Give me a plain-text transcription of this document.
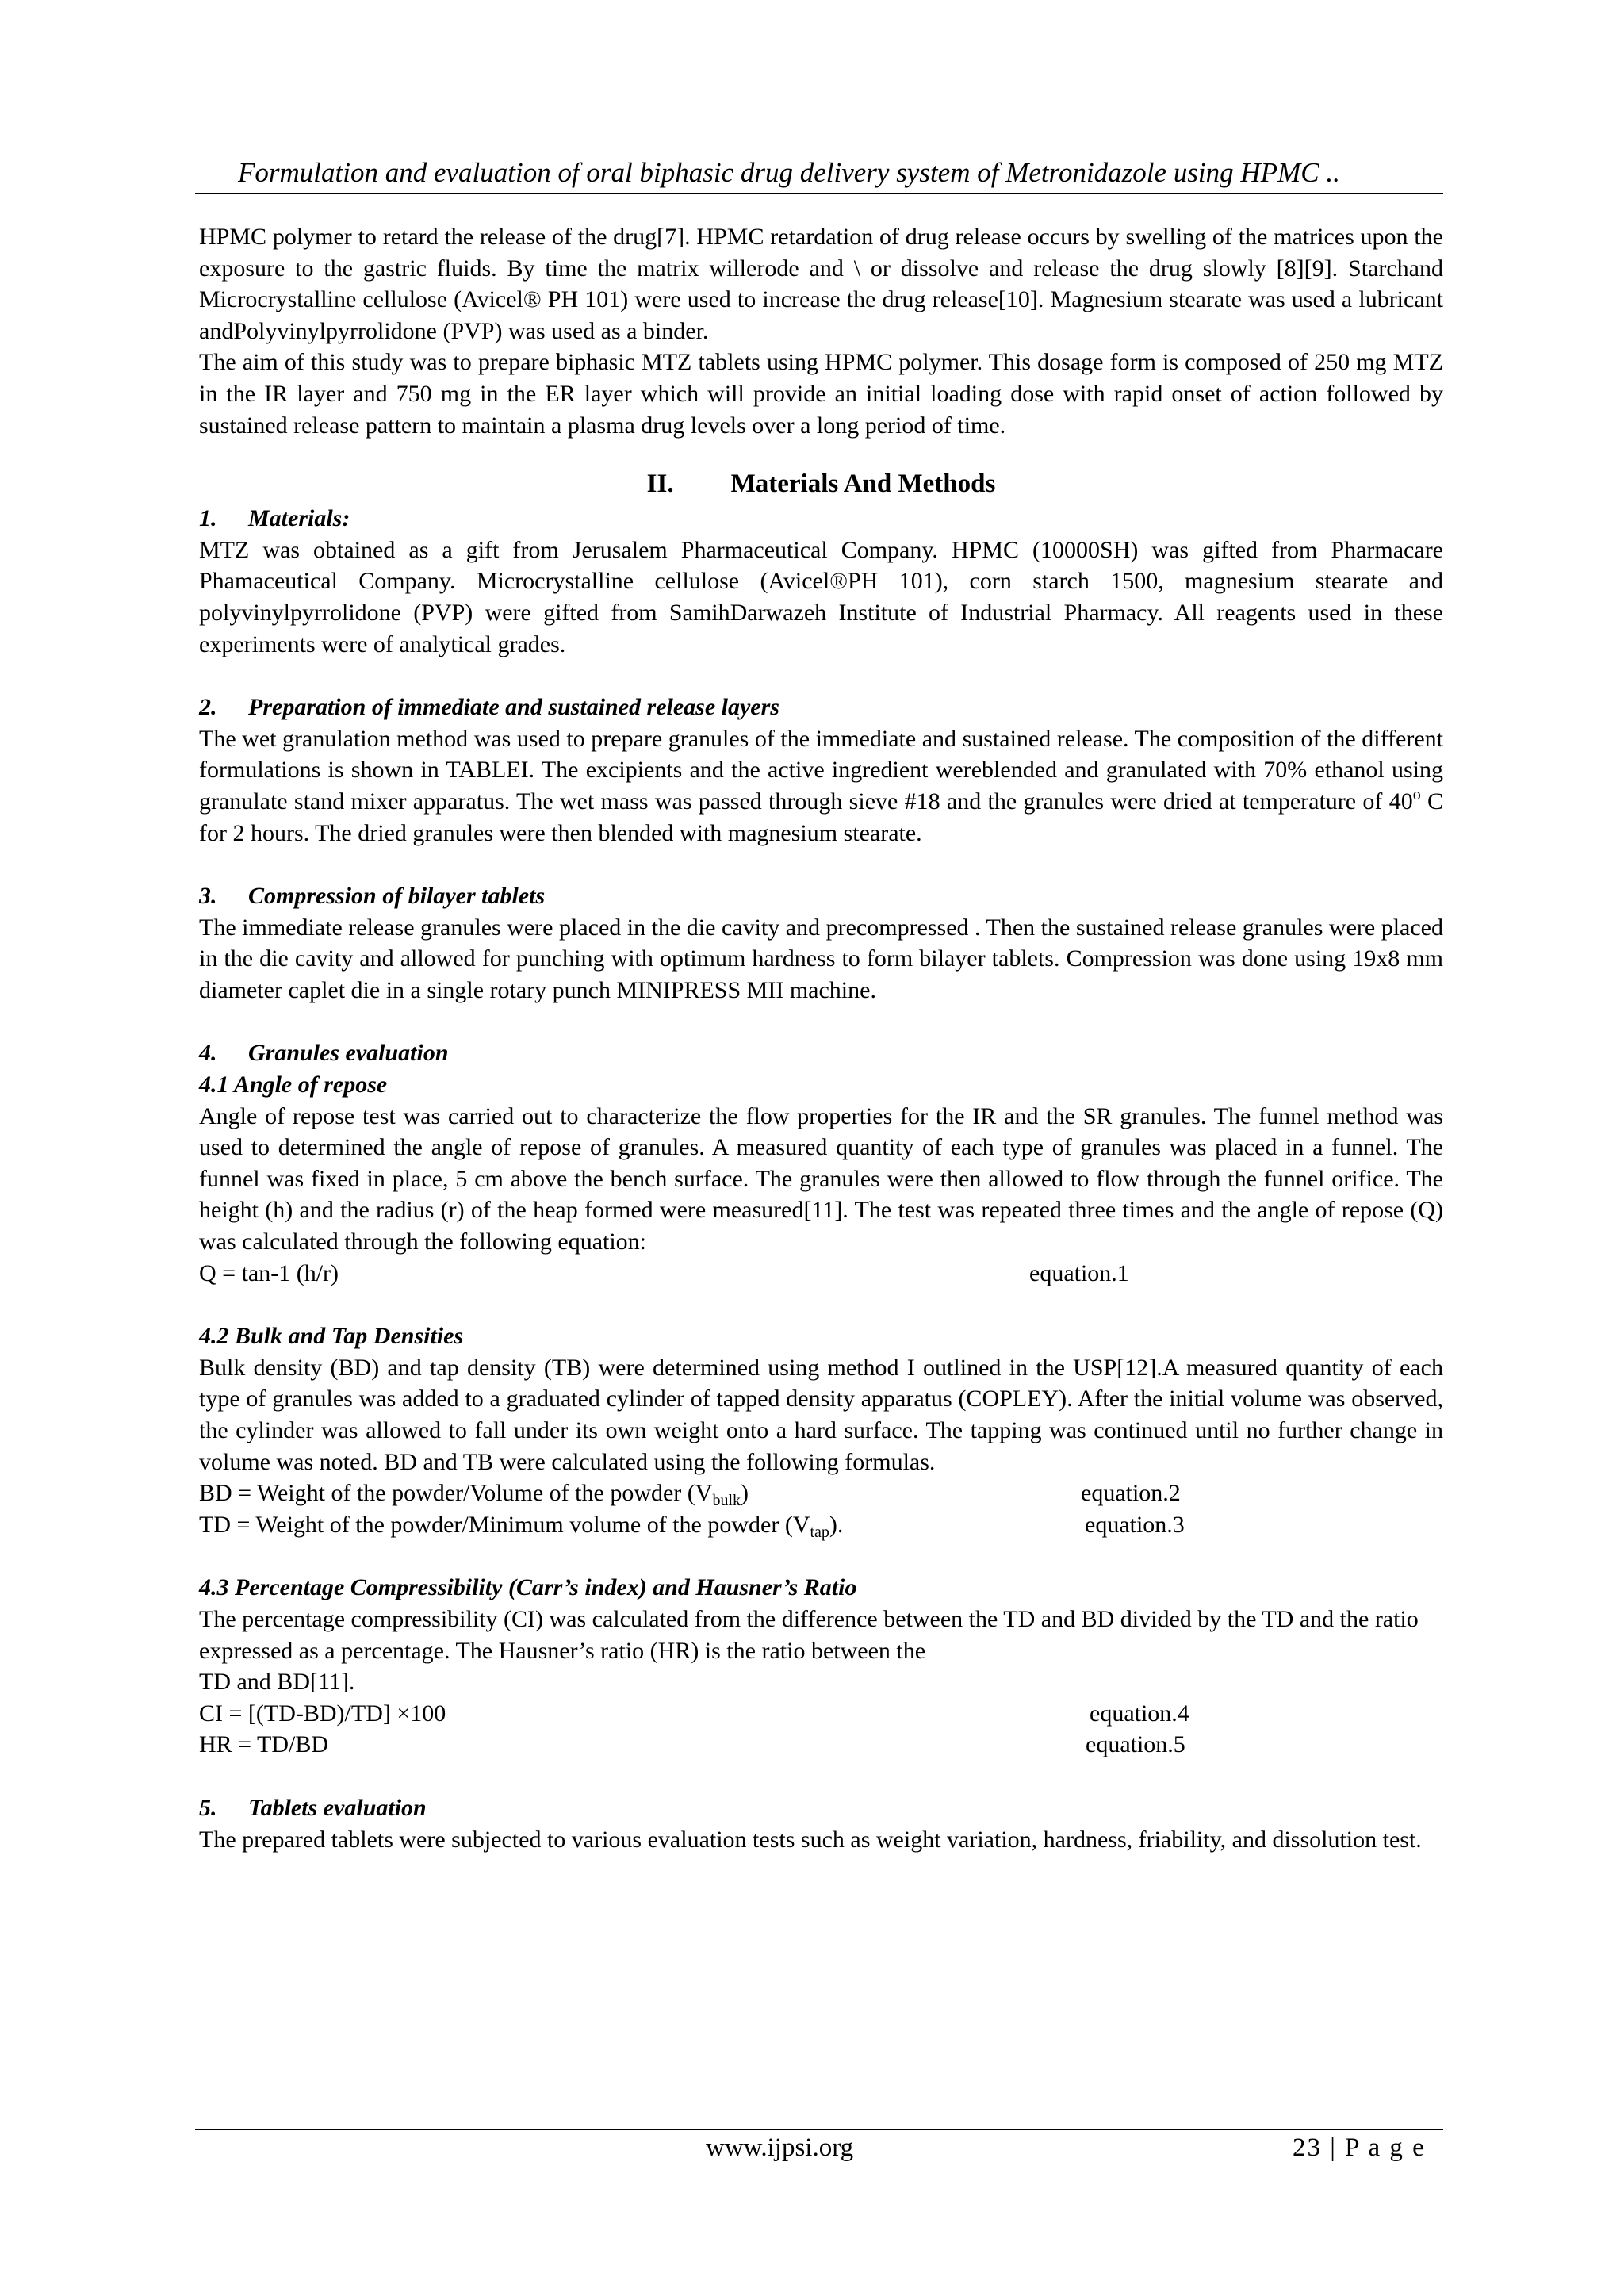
Formulation and evaluation of oral biphasic drug delivery system of Metronidazole using HPMC ..

HPMC polymer to retard the release of the drug[7]. HPMC retardation of drug release occurs by swelling of the matrices upon the exposure to the gastric fluids. By time the matrix willerode and \ or dissolve and release the drug slowly [8][9]. Starchand Microcrystalline cellulose (Avicel® PH 101) were used to increase the drug release[10]. Magnesium stearate was used a lubricant andPolyvinylpyrrolidone (PVP) was used as a binder.

The aim of this study was to prepare biphasic MTZ tablets using HPMC polymer. This dosage form is composed of 250 mg MTZ in the IR layer and 750 mg in the ER layer which will provide an initial loading dose with rapid onset of action followed by sustained release pattern to maintain a plasma drug levels over a long period of time.

II. Materials And Methods
1. Materials:

MTZ was obtained as a gift from Jerusalem Pharmaceutical Company. HPMC (10000SH) was gifted from Pharmacare Phamaceutical Company. Microcrystalline cellulose (Avicel®PH 101), corn starch 1500, magnesium stearate and polyvinylpyrrolidone (PVP) were gifted from SamihDarwazeh Institute of Industrial Pharmacy. All reagents used in these experiments were of analytical grades.

2. Preparation of immediate and sustained release layers

The wet granulation method was used to prepare granules of the immediate and sustained release. The composition of the different formulations is shown in TABLEI. The excipients and the active ingredient wereblended and granulated with 70% ethanol using granulate stand mixer apparatus. The wet mass was passed through sieve #18 and the granules were dried at temperature of 40$^o$ C for 2 hours. The dried granules were then blended with magnesium stearate.

3. Compression of bilayer tablets

The immediate release granules were placed in the die cavity and precompressed . Then the sustained release granules were placed in the die cavity and allowed for punching with optimum hardness to form bilayer tablets. Compression was done using 19x8 mm diameter caplet die in a single rotary punch MINIPRESS MII machine.

4. Granules evaluation
4.1 Angle of repose

Angle of repose test was carried out to characterize the flow properties for the IR and the SR granules. The funnel method was used to determined the angle of repose of granules. A measured quantity of each type of granules was placed in a funnel. The funnel was fixed in place, 5 cm above the bench surface. The granules were then allowed to flow through the funnel orifice. The height (h) and the radius (r) of the heap formed were measured[11]. The test was repeated three times and the angle of repose (Q) was calculated through the following equation:

Q = tan-1 (h/r)	equation.1
4.2 Bulk and Tap Densities

Bulk density (BD) and tap density (TB) were determined using method I outlined in the USP[12].A measured quantity of each type of granules was added to a graduated cylinder of tapped density apparatus (COPLEY). After the initial volume was observed, the cylinder was allowed to fall under its own weight onto a hard surface. The tapping was continued until no further change in volume was noted. BD and TB were calculated using the following formulas.

BD = Weight of the powder/Volume of the powder $(V_{bulk})$	equation.2
TD = Weight of the powder/Minimum volume of the powder $(V_{tap})$.	equation.3
4.3 Percentage Compressibility (Carr’s index) and Hausner’s Ratio

The percentage compressibility (CI) was calculated from the difference between the TD and BD divided by the TD and the ratio expressed as a percentage. The Hausner’s ratio (HR) is the ratio between the

TD and BD[11].

CI = [(TD-BD)/TD] ×100	equation.4
HR = TD/BD	equation.5
5. Tablets evaluation

The prepared tablets were subjected to various evaluation tests such as weight variation, hardness, friability, and dissolution test.

www.ijpsi.org	23 | P a g e
